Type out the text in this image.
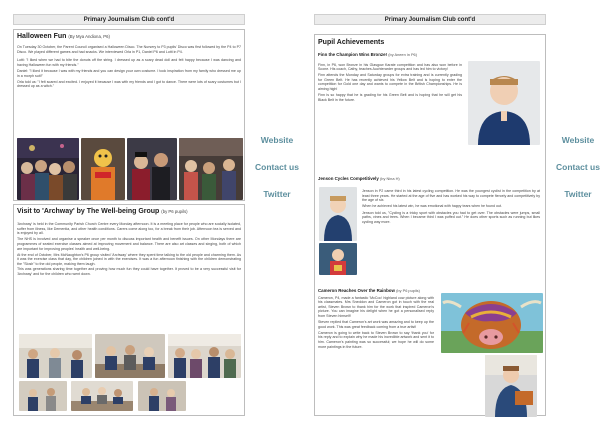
Primary Journalism Club cont'd
Halloween Fun (By Mya Andiona, P6)

On Tuesday 30 October, the Parent Council organised a Halloween Disco. The Nursery to P3 pupils' Disco was first followed by the P4 to P7 Disco. We played different games and had snacks. We interviewed Orla in P1, Daniel P6 and Lotti in P4.

Lotti: "I liked when we had to bite the donuts off the string. I dressed up as a scary dead doll and felt happy because I was dancing and having Halloween fun with my friends."

Daniel: "I liked it because I was with my friends and you can design your own costume. I took inspiration from my family who dressed me up in a morph suit!"

Orla told us: "I felt scared and excited. I enjoyed it because I was with my friends and I got to dance. There were lots of scary costumes but I dressed up as a witch."

Visit to 'Archway' by The Well-being Group (by P6 pupils)

'Archway' is held in the Community Parish Church Centre every Monday afternoon. It is a meeting place for people who are socially isolated, suffer from illness, like Dementia, and other health conditions. Carers come along too, for a break from their job. Afternoon tea is served and is enjoyed by all.

The NHS is involved and organise a speaker once per month to discuss important health and benefit issues. On other Mondays there are programmes of seated exercise classes aimed at improving movement and balance. There are also art classes and singing, both of which are important for improving peoples' health and well-being.

At the end of October, Mrs McNaughton's P6 group visited 'Archway' where they spent time talking to the old people and charming them. As it was the exercise class that day, the children joined in with the exercises. It was a fun afternoon finishing with the children demonstrating the "Slosh" to the old people, making them laugh.

This was generations sharing time together and proving how much fun they could have together. It proved to be a very successful visit for 'Archway' and for the children who went down.

Website
Contact us
Twitter
Primary Journalism Club cont'd
Pupil Achievements
Finn the Champion Wins Bronze! (by Aneen in P6)

Finn, in P6, won Bronze in his Glasgow Karate competition and has also won before in Scone. His coach, Cathy, teaches Auchterarder groups and has led him to victory!

Finn attends the Monday and Saturday groups for extra training and is currently grading for Green Belt. He has recently achieved his Yellow Belt and is hoping to enter the competition for Gold one day and wants to compete in the British Championships. He is aiming high!

Finn is so happy that he is grading for his Green Belt and is hoping that he will get his Black Belt in the future.

Jenson Cycles Competitively (by Nina H)

Jenson in P2 came third in his latest cycling competition. He was the youngest cyclist in the competition by at least three years. He started at the age of five and has worked his way to compete fiercely and competitively by the age of six.

When he achieved his latest win, he was emotional with happy tears when he found out.

Jenson told us, "Cycling is a tricky sport with obstacles you had to get over. The obstacles were jumps, small paths, vines and trees. When I became third I was puffed out." He does other sports such as running but likes cycling way more.

Cameron Reaches Over the Rainbow (by P6 pupils)

Cameron, P4, made a fantastic 'McCoo' highland cow picture along with his classmates. Mrs Sneddon and Cameron got in touch with the real artist, Steven Brown to thank him for the work that inspired Cameron's picture. You can imagine his delight when he got a personalised reply from Steven himself!

Steven replied that Cameron's art work was amazing and to keep up the good work. This was great feedback coming from a true artist!

Cameron is going to write back to Steven Brown to say 'thank you' for his reply and to explain why he made his incredible artwork and sent it to him. Cameron's painting was so successful; we hope he will do some more paintings in the future.

Website
Contact us
Twitter
